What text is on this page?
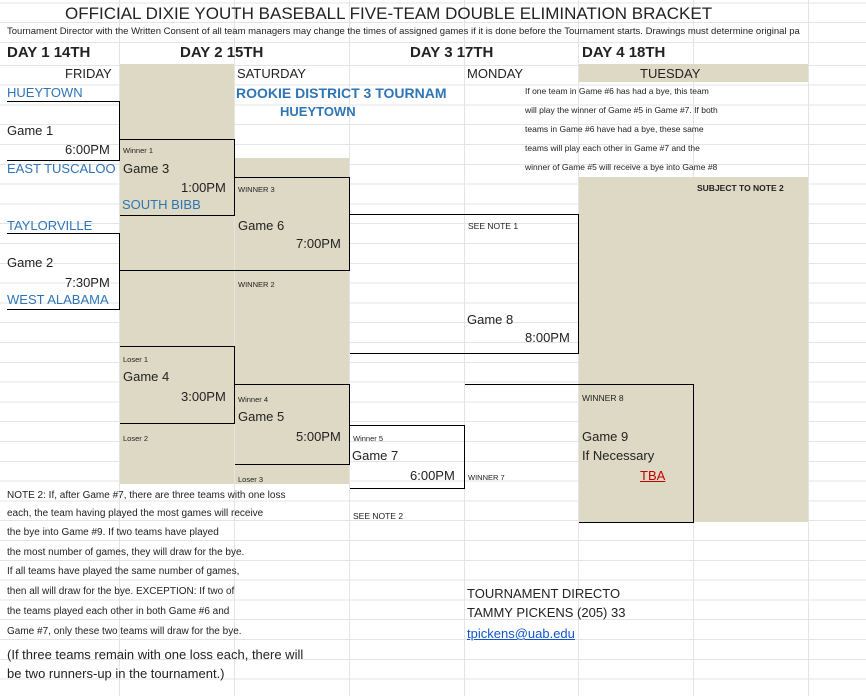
OFFICIAL DIXIE YOUTH BASEBALL FIVE-TEAM DOUBLE ELIMINATION BRACKET
Tournament Director with the Written Consent of all team managers may change the times of assigned games if it is done before the Tournament starts. Drawings must determine original pa
DAY 1 14TH	DAY 2 15TH	DAY 3 17TH	DAY 4 18TH
FRIDAY	SATURDAY	MONDAY	TUESDAY
ROOKIE DISTRICT 3 TOURNAM
HUEYTOWN
If one team in Game #6 has had a bye, this team
will play the winner of Game #5 in Game #7. If both
teams in Game #6 have had a bye, these same
teams will play each other in Game #7 and the
winner of Game #5 will receive a bye into Game #8
SUBJECT TO NOTE 2
HUEYTOWN
EAST TUSCALOO
SOUTH BIBB
TAYLORVILLE
WEST ALABAMA
Game 1
6:00PM Winner 1
Game 3
1:00PM WINNER 3
Game 2
7:30PM
Game 6
7:00PM
WINNER 2
SEE NOTE 1
Game 8
8:00PM
Loser 1
Game 4
3:00PM
Loser 2
Winner 4
Game 5
5:00PM
Loser 3
Winner 5
Game 7
6:00PM WINNER 7
SEE NOTE 2
WINNER 8
Game 9
If Necessary
TBA
NOTE 2: If, after Game #7, there are three teams with one loss
each, the team having played the most games will receive
the bye into Game #9. If two teams have played
the most number of games, they will draw for the bye.
If all teams have played the same number of games,
then all will draw for the bye. EXCEPTION: If two of
the teams played each other in both Game #6 and
Game #7, only these two teams will draw for the bye.
(If three teams remain with one loss each, there will
be two runners-up in the tournament.)
TOURNAMENT DIRECTO
TAMMY PICKENS (205) 33
tpickens@uab.edu
